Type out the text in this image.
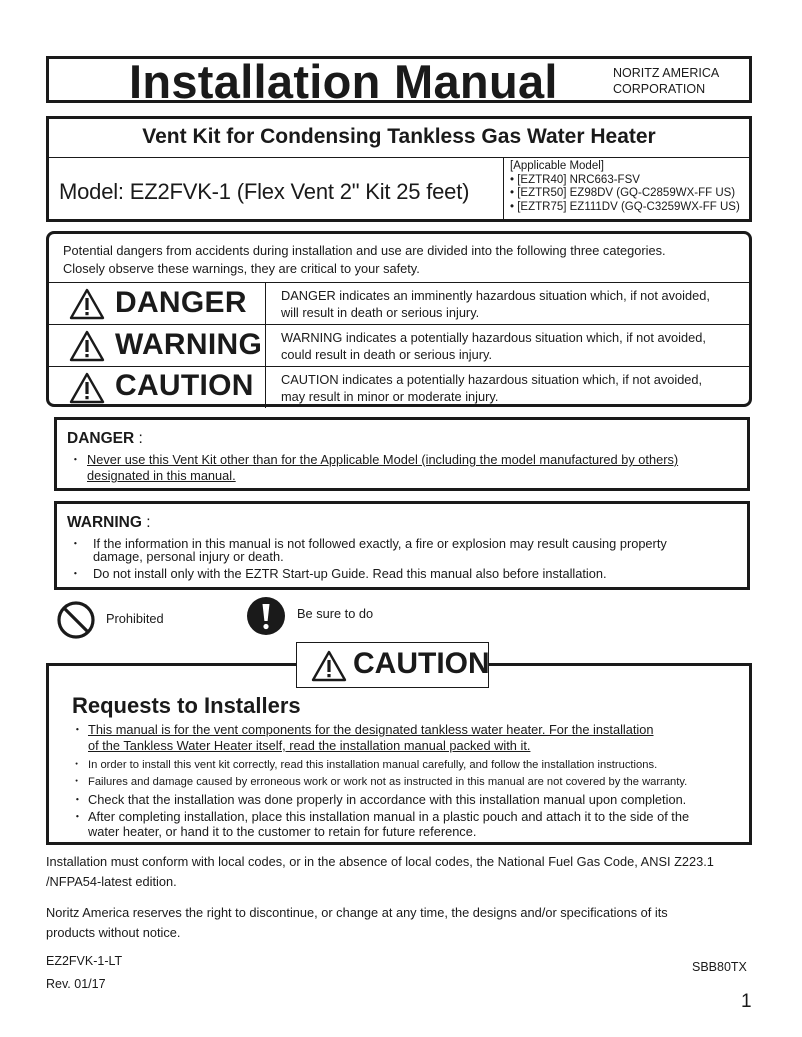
Installation Manual	NORITZ AMERICA
CORPORATION
Vent Kit for Condensing Tankless Gas Water Heater
Model: EZ2FVK-1 (Flex Vent 2" Kit 25 feet)
[Applicable Model]
• [EZTR40] NRC663-FSV
• [EZTR50] EZ98DV (GQ-C2859WX-FF US)
• [EZTR75] EZ111DV (GQ-C3259WX-FF US)
Potential dangers from accidents during installation and use are divided into the following three categories.
Closely observe these warnings, they are critical to your safety.
DANGER	DANGER indicates an imminently hazardous situation which, if not avoided,
will result in death or serious injury.
WARNING WARNING indicates a potentially hazardous situation which, if not avoided,
could result in death or serious injury.
CAUTION CAUTION indicates a potentially hazardous situation which, if not avoided,
may result in minor or moderate injury.
DANGER :
・ Never use this Vent Kit other than for the Applicable Model (including the model manufactured by others)
designated in this manual.
WARNING :
・ If the information in this manual is not followed exactly, a fire or explosion may result causing property
damage, personal injury or death.
・ Do not install only with the EZTR Start-up Guide. Read this manual also before installation.
Prohibited	Be sure to do
Requests to Installers
・ This manual is for the vent components for the designated tankless water heater. For the installation
of the Tankless Water Heater itself, read the installation manual packed with it.
・ In order to install this vent kit correctly, read this installation manual carefully, and follow the installation instructions.
・ Failures and damage caused by erroneous work or work not as instructed in this manual are not covered by the warranty.
・ Check that the installation was done properly in accordance with this installation manual upon completion.
・ After completing installation, place this installation manual in a plastic pouch and attach it to the side of the
water heater, or hand it to the customer to retain for future reference.
CAUTION
Installation must conform with local codes, or in the absence of local codes, the National Fuel Gas Code, ANSI Z223.1
/NFPA54-latest edition.
Noritz America reserves the right to discontinue, or change at any time, the designs and/or specifications of its
products without notice.
EZ2FVK-1-LT
Rev. 01/17
SBB80TX
1
